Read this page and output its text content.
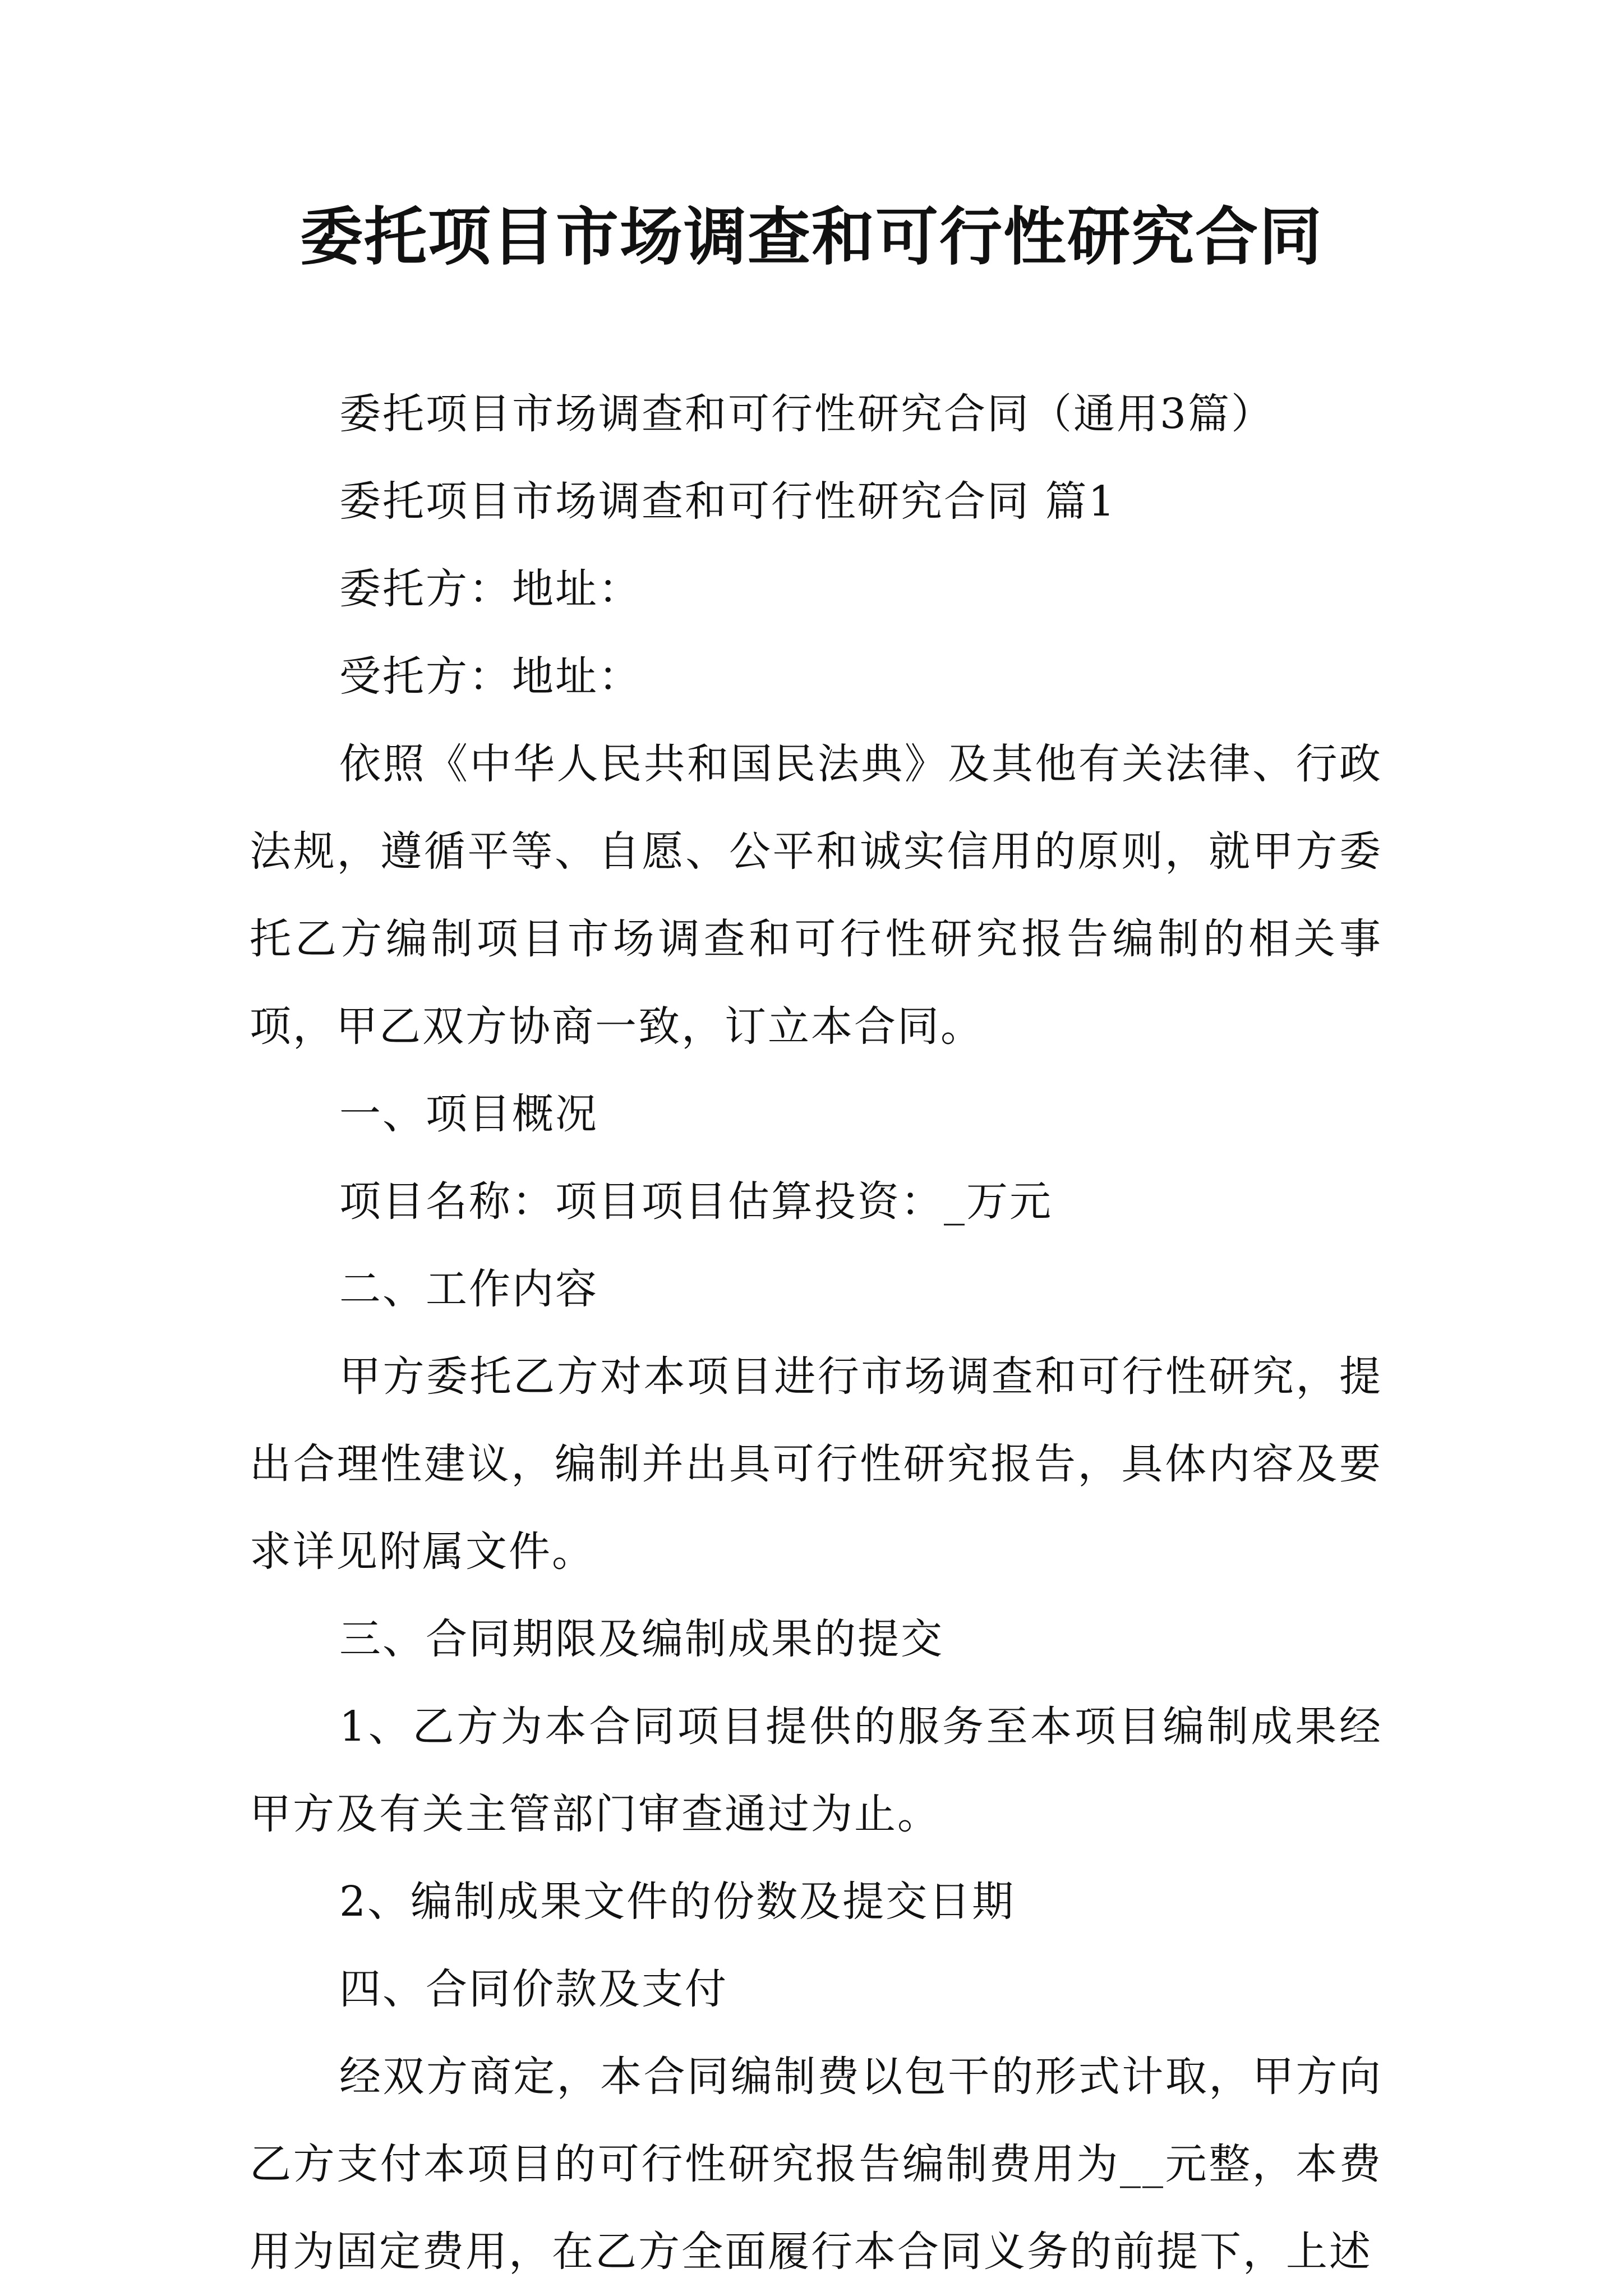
委托项目市场调查和可行性研究合同

委托项目市场调查和可行性研究合同（通用3篇）

委托项目市场调查和可行性研究合同 篇1

委托方：地址：

受托方：地址：

依照《中华人民共和国民法典》及其他有关法律、行政法规，遵循平等、自愿、公平和诚实信用的原则，就甲方委托乙方编制项目市场调查和可行性研究报告编制的相关事项，甲乙双方协商一致，订立本合同。

一、项目概况

项目名称：项目项目估算投资：_万元

二、工作内容

甲方委托乙方对本项目进行市场调查和可行性研究，提出合理性建议，编制并出具可行性研究报告，具体内容及要求详见附属文件。

三、合同期限及编制成果的提交

1、乙方为本合同项目提供的服务至本项目编制成果经甲方及有关主管部门审查通过为止。

2、编制成果文件的份数及提交日期

四、合同价款及支付

经双方商定，本合同编制费以包干的形式计取，甲方向乙方支付本项目的可行性研究报告编制费用为__元整，本费用为固定费用，在乙方全面履行本合同义务的前提下，上述
